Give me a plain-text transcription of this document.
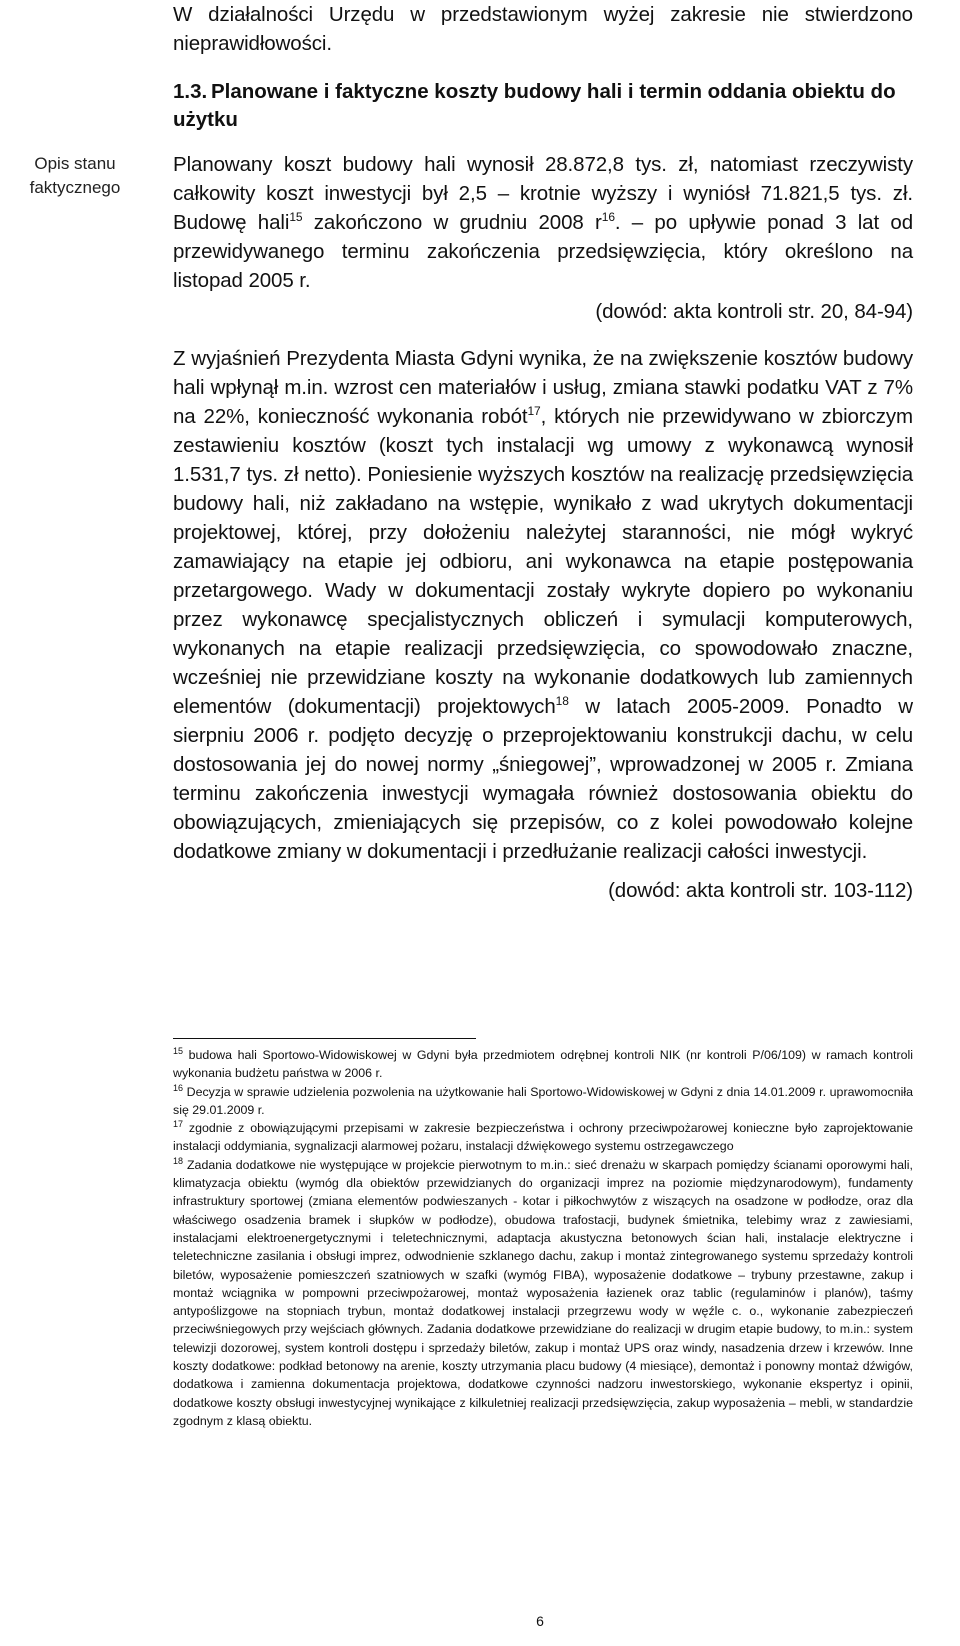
W działalności Urzędu w przedstawionym wyżej zakresie nie stwierdzono nieprawidłowości.

1.3. Planowane i faktyczne koszty budowy hali i termin oddania obiektu do użytku
Opis stanu faktycznego
Planowany koszt budowy hali wynosił 28.872,8 tys. zł, natomiast rzeczywisty całkowity koszt inwestycji był 2,5 – krotnie wyższy i wyniósł 71.821,5 tys. zł. Budowę hali$^{15}$ zakończono w grudniu 2008 $r^{16}$. – po upływie ponad 3 lat od przewidywanego terminu zakończenia przedsięwzięcia, który określono na listopad 2005 r.

(dowód: akta kontroli str. 20, 84-94)

Z wyjaśnień Prezydenta Miasta Gdyni wynika, że na zwiększenie kosztów budowy hali wpłynął m.in. wzrost cen materiałów i usług, zmiana stawki podatku VAT z 7% na 22%, konieczność wykonania robót$^{17}$, których nie przewidywano w zbiorczym zestawieniu kosztów (koszt tych instalacji wg umowy z wykonawcą wynosił 1.531,7 tys. zł netto). Poniesienie wyższych kosztów na realizację przedsięwzięcia budowy hali, niż zakładano na wstępie, wynikało z wad ukrytych dokumentacji projektowej, której, przy dołożeniu należytej staranności, nie mógł wykryć zamawiający na etapie jej odbioru, ani wykonawca na etapie postępowania przetargowego. Wady w dokumentacji zostały wykryte dopiero po wykonaniu przez wykonawcę specjalistycznych obliczeń i symulacji komputerowych, wykonanych na etapie realizacji przedsięwzięcia, co spowodowało znaczne, wcześniej nie przewidziane koszty na wykonanie dodatkowych lub zamiennych elementów (dokumentacji) projektowych$^{18}$ w latach 2005-2009. Ponadto w sierpniu 2006 r. podjęto decyzję o przeprojektowaniu konstrukcji dachu, w celu dostosowania jej do nowej normy „śniegowej”, wprowadzonej w 2005 r. Zmiana terminu zakończenia inwestycji wymagała również dostosowania obiektu do obowiązujących, zmieniających się przepisów, co z kolei powodowało kolejne dodatkowe zmiany w dokumentacji i przedłużanie realizacji całości inwestycji.

(dowód: akta kontroli str. 103-112)

$^{15}$ budowa hali Sportowo-Widowiskowej w Gdyni była przedmiotem odrębnej kontroli NIK (nr kontroli P/06/109) w ramach kontroli wykonania budżetu państwa w 2006 r.

$^{16}$ Decyzja w sprawie udzielenia pozwolenia na użytkowanie hali Sportowo-Widowiskowej w Gdyni z dnia 14.01.2009 r. uprawomocniła się 29.01.2009 r.

$^{17}$ zgodnie z obowiązującymi przepisami w zakresie bezpieczeństwa i ochrony przeciwpożarowej konieczne było zaprojektowanie instalacji oddymiania, sygnalizacji alarmowej pożaru, instalacji dźwiękowego systemu ostrzegawczego

$^{18}$ Zadania dodatkowe nie występujące w projekcie pierwotnym to m.in.: sieć drenażu w skarpach pomiędzy ścianami oporowymi hali, klimatyzacja obiektu (wymóg dla obiektów przewidzianych do organizacji imprez na poziomie międzynarodowym), fundamenty infrastruktury sportowej (zmiana elementów podwieszanych - kotar i piłkochwytów z wiszących na osadzone w podłodze, oraz dla właściwego osadzenia bramek i słupków w podłodze), obudowa trafostacji, budynek śmietnika, telebimy wraz z zawiesiami, instalacjami elektroenergetycznymi i teletechnicznymi, adaptacja akustyczna betonowych ścian hali, instalacje elektryczne i teletechniczne zasilania i obsługi imprez, odwodnienie szklanego dachu, zakup i montaż zintegrowanego systemu sprzedaży kontroli biletów, wyposażenie pomieszczeń szatniowych w szafki (wymóg FIBA), wyposażenie dodatkowe – trybuny przestawne, zakup i montaż wciągnika w pompowni przeciwpożarowej, montaż wyposażenia łazienek oraz tablic (regulaminów i planów), taśmy antypoślizgowe na stopniach trybun, montaż dodatkowej instalacji przegrzewu wody w węźle c. o., wykonanie zabezpieczeń przeciwśniegowych przy wejściach głównych. Zadania dodatkowe przewidziane do realizacji w drugim etapie budowy, to m.in.: system telewizji dozorowej, system kontroli dostępu i sprzedaży biletów, zakup i montaż UPS oraz windy, nasadzenia drzew i krzewów. Inne koszty dodatkowe: podkład betonowy na arenie, koszty utrzymania placu budowy (4 miesiące), demontaż i ponowny montaż dźwigów, dodatkowa i zamienna dokumentacja projektowa, dodatkowe czynności nadzoru inwestorskiego, wykonanie ekspertyz i opinii, dodatkowe koszty obsługi inwestycyjnej wynikające z kilkuletniej realizacji przedsięwzięcia, zakup wyposażenia – mebli, w standardzie zgodnym z klasą obiektu.

6
